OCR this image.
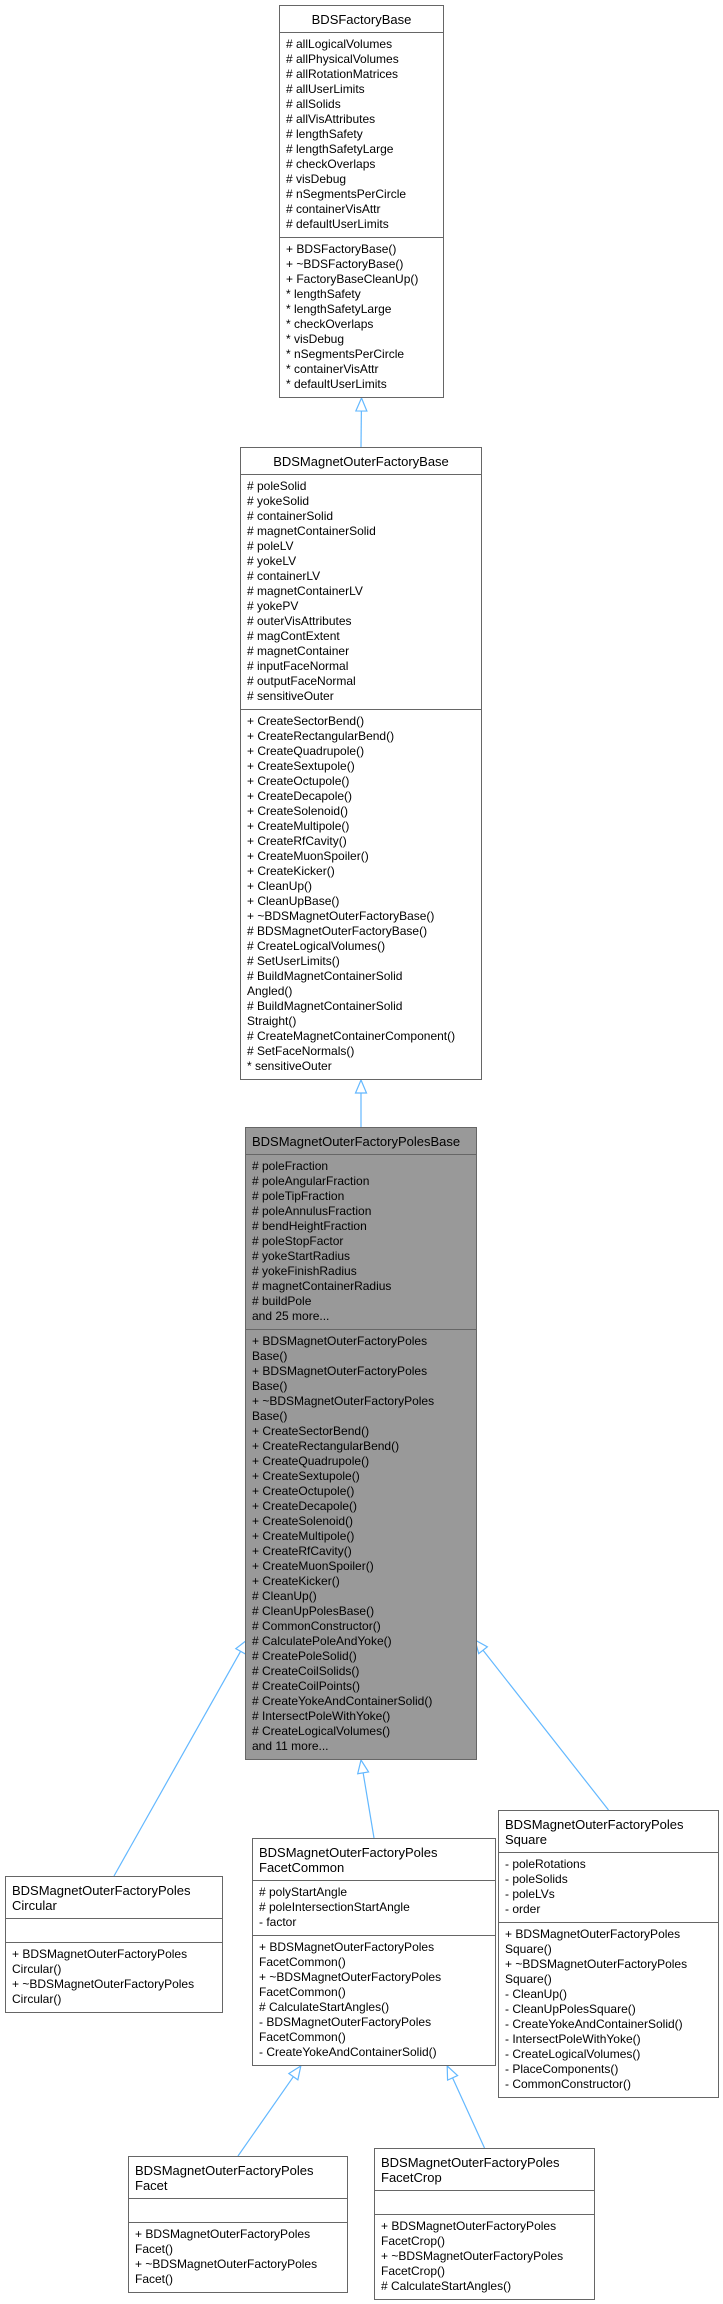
BDSFactoryBase
# allLogicalVolumes
# allPhysicalVolumes
# allRotationMatrices
# allUserLimits
# allSolids
# allVisAttributes
# lengthSafety
# lengthSafetyLarge
# checkOverlaps
# visDebug
# nSegmentsPerCircle
# containerVisAttr
# defaultUserLimits
+ BDSFactoryBase()
+ ~BDSFactoryBase()
+ FactoryBaseCleanUp()
* lengthSafety
* lengthSafetyLarge
* checkOverlaps
* visDebug
* nSegmentsPerCircle
* containerVisAttr
* defaultUserLimits
BDSMagnetOuterFactoryBase
# poleSolid
# yokeSolid
# containerSolid
# magnetContainerSolid
# poleLV
# yokeLV
# containerLV
# magnetContainerLV
# yokePV
# outerVisAttributes
# magContExtent
# magnetContainer
# inputFaceNormal
# outputFaceNormal
# sensitiveOuter
+ CreateSectorBend()
+ CreateRectangularBend()
+ CreateQuadrupole()
+ CreateSextupole()
+ CreateOctupole()
+ CreateDecapole()
+ CreateSolenoid()
+ CreateMultipole()
+ CreateRfCavity()
+ CreateMuonSpoiler()
+ CreateKicker()
+ CleanUp()
+ CleanUpBase()
+ ~BDSMagnetOuterFactoryBase()
# BDSMagnetOuterFactoryBase()
# CreateLogicalVolumes()
# SetUserLimits()
# BuildMagnetContainerSolid
Angled()
# BuildMagnetContainerSolid
Straight()
# CreateMagnetContainerComponent()
# SetFaceNormals()
* sensitiveOuter
BDSMagnetOuterFactoryPolesBase
# poleFraction
# poleAngularFraction
# poleTipFraction
# poleAnnulusFraction
# bendHeightFraction
# poleStopFactor
# yokeStartRadius
# yokeFinishRadius
# magnetContainerRadius
# buildPole
and 25 more...
+ BDSMagnetOuterFactoryPoles
Base()
+ BDSMagnetOuterFactoryPoles
Base()
+ ~BDSMagnetOuterFactoryPoles
Base()
+ CreateSectorBend()
+ CreateRectangularBend()
+ CreateQuadrupole()
+ CreateSextupole()
+ CreateOctupole()
+ CreateDecapole()
+ CreateSolenoid()
+ CreateMultipole()
+ CreateRfCavity()
+ CreateMuonSpoiler()
+ CreateKicker()
# CleanUp()
# CleanUpPolesBase()
# CommonConstructor()
# CalculatePoleAndYoke()
# CreatePoleSolid()
# CreateCoilSolids()
# CreateCoilPoints()
# CreateYokeAndContainerSolid()
# IntersectPoleWithYoke()
# CreateLogicalVolumes()
and 11 more...
BDSMagnetOuterFactoryPoles
Circular
+ BDSMagnetOuterFactoryPoles
Circular()
+ ~BDSMagnetOuterFactoryPoles
Circular()
BDSMagnetOuterFactoryPoles
FacetCommon
# polyStartAngle
# poleIntersectionStartAngle
- factor
+ BDSMagnetOuterFactoryPoles
FacetCommon()
+ ~BDSMagnetOuterFactoryPoles
FacetCommon()
# CalculateStartAngles()
- BDSMagnetOuterFactoryPoles
FacetCommon()
- CreateYokeAndContainerSolid()
BDSMagnetOuterFactoryPoles
Square
- poleRotations
- poleSolids
- poleLVs
- order
+ BDSMagnetOuterFactoryPoles
Square()
+ ~BDSMagnetOuterFactoryPoles
Square()
- CleanUp()
- CleanUpPolesSquare()
- CreateYokeAndContainerSolid()
- IntersectPoleWithYoke()
- CreateLogicalVolumes()
- PlaceComponents()
- CommonConstructor()
BDSMagnetOuterFactoryPoles
Facet
+ BDSMagnetOuterFactoryPoles
Facet()
+ ~BDSMagnetOuterFactoryPoles
Facet()
BDSMagnetOuterFactoryPoles
FacetCrop
+ BDSMagnetOuterFactoryPoles
FacetCrop()
+ ~BDSMagnetOuterFactoryPoles
FacetCrop()
# CalculateStartAngles()
